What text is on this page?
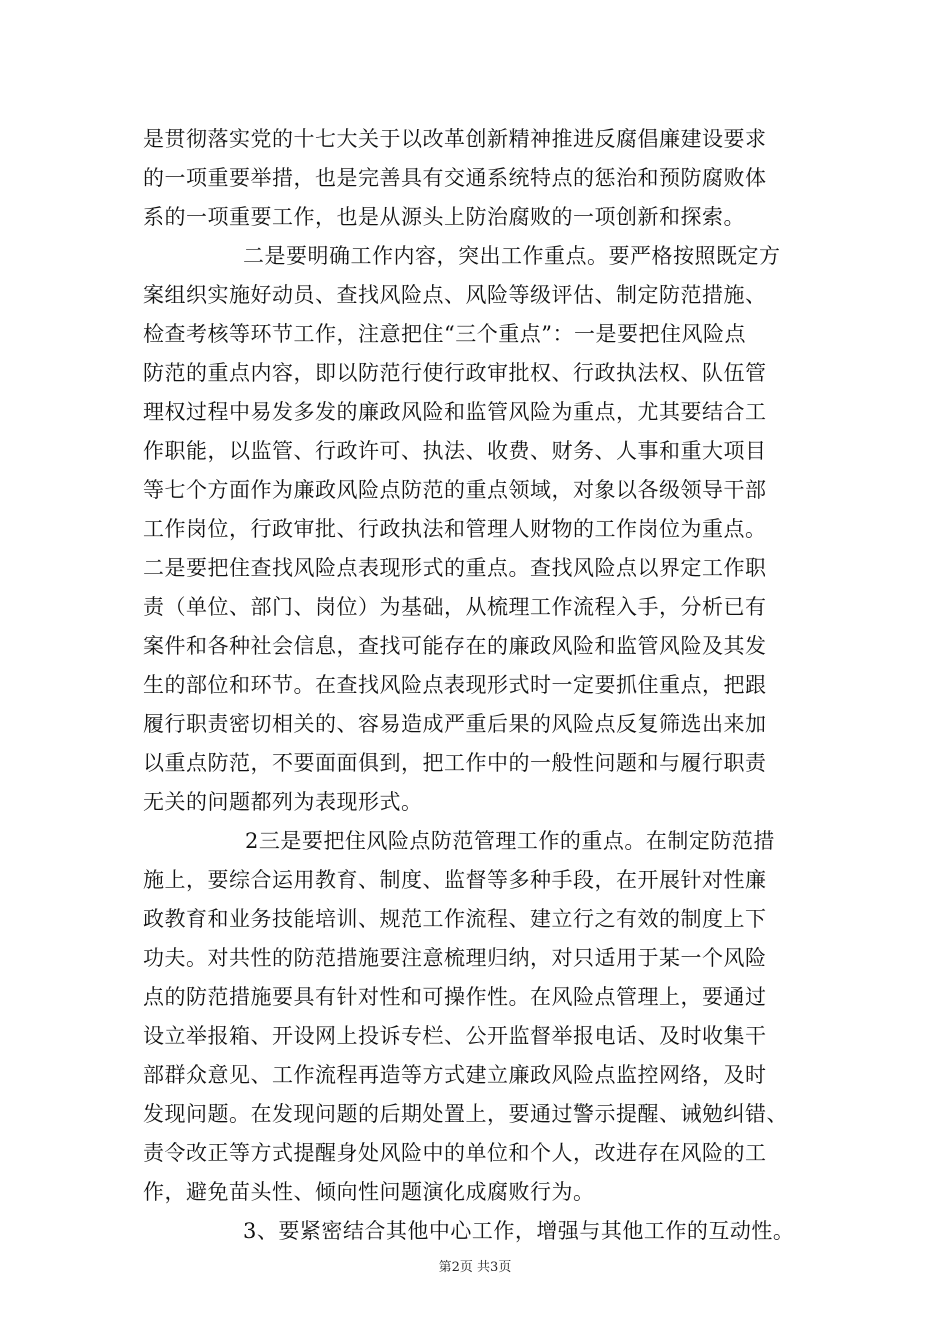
是贯彻落实党的十七大关于以改革创新精神推进反腐倡廉建设要求
的一项重要举措，也是完善具有交通系统特点的惩治和预防腐败体
系的一项重要工作，也是从源头上防治腐败的一项创新和探索。
二是要明确工作内容，突出工作重点。要严格按照既定方
案组织实施好动员、查找风险点、风险等级评估、制定防范措施、
检查考核等环节工作，注意把住“三个重点”：一是要把住风险点
防范的重点内容，即以防范行使行政审批权、行政执法权、队伍管
理权过程中易发多发的廉政风险和监管风险为重点，尤其要结合工
作职能，以监管、行政许可、执法、收费、财务、人事和重大项目
等七个方面作为廉政风险点防范的重点领域，对象以各级领导干部
工作岗位，行政审批、行政执法和管理人财物的工作岗位为重点。
二是要把住查找风险点表现形式的重点。查找风险点以界定工作职
责（单位、部门、岗位）为基础，从梳理工作流程入手，分析已有
案件和各种社会信息，查找可能存在的廉政风险和监管风险及其发
生的部位和环节。在查找风险点表现形式时一定要抓住重点，把跟
履行职责密切相关的、容易造成严重后果的风险点反复筛选出来加
以重点防范，不要面面俱到，把工作中的一般性问题和与履行职责
无关的问题都列为表现形式。
2三是要把住风险点防范管理工作的重点。在制定防范措
施上，要综合运用教育、制度、监督等多种手段，在开展针对性廉
政教育和业务技能培训、规范工作流程、建立行之有效的制度上下
功夫。对共性的防范措施要注意梳理归纳，对只适用于某一个风险
点的防范措施要具有针对性和可操作性。在风险点管理上，要通过
设立举报箱、开设网上投诉专栏、公开监督举报电话、及时收集干
部群众意见、工作流程再造等方式建立廉政风险点监控网络，及时
发现问题。在发现问题的后期处置上，要通过警示提醒、诫勉纠错、
责令改正等方式提醒身处风险中的单位和个人，改进存在风险的工
作，避免苗头性、倾向性问题演化成腐败行为。
3、要紧密结合其他中心工作，增强与其他工作的互动性。
第2页 共3页
